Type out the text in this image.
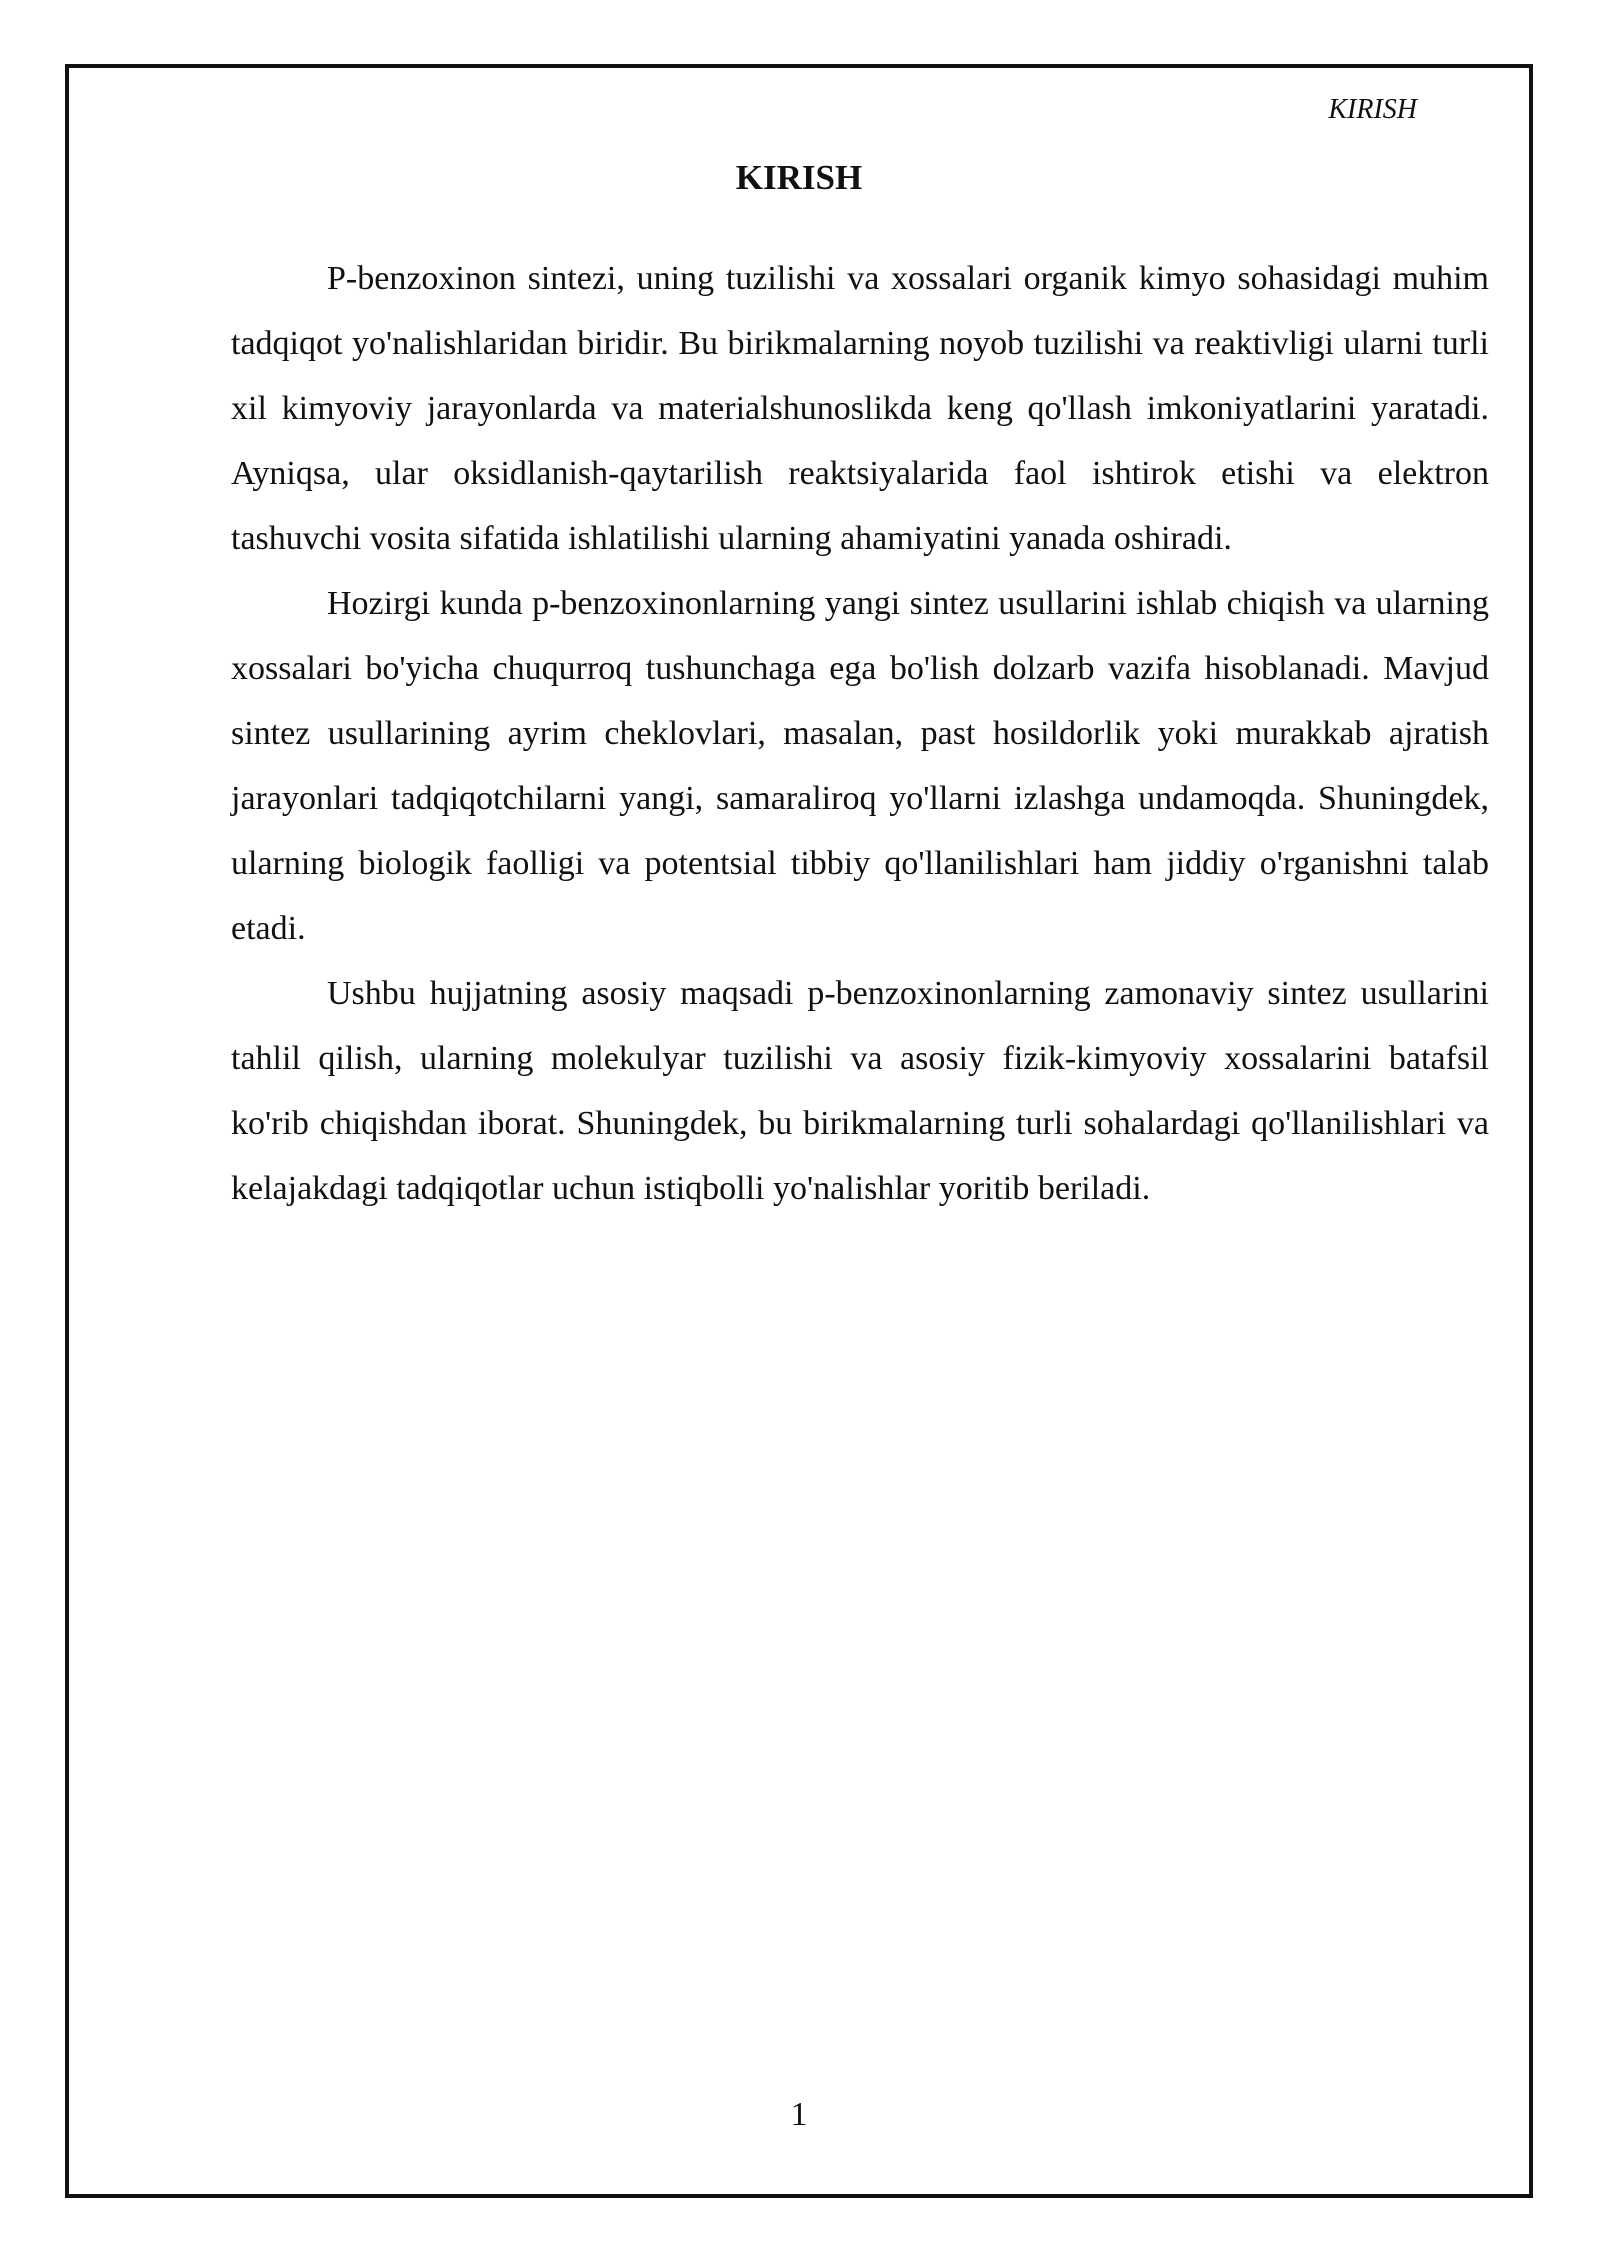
KIRISH
KIRISH

P-benzoxinon sintezi, uning tuzilishi va xossalari organik kimyo sohasidagi muhim tadqiqot yo'nalishlaridan biridir. Bu birikmalarning noyob tuzilishi va reaktivligi ularni turli xil kimyoviy jarayonlarda va materialshunoslikda keng qo'llash imkoniyatlarini yaratadi. Ayniqsa, ular oksidlanish-qaytarilish reaktsiyalarida faol ishtirok etishi va elektron tashuvchi vosita sifatida ishlatilishi ularning ahamiyatini yanada oshiradi.

Hozirgi kunda p-benzoxinonlarning yangi sintez usullarini ishlab chiqish va ularning xossalari bo'yicha chuqurroq tushunchaga ega bo'lish dolzarb vazifa hisoblanadi. Mavjud sintez usullarining ayrim cheklovlari, masalan, past hosildorlik yoki murakkab ajratish jarayonlari tadqiqotchilarni yangi, samaraliroq yo'llarni izlashga undamoqda. Shuningdek, ularning biologik faolligi va potentsial tibbiy qo'llanilishlari ham jiddiy o'rganishni talab etadi.

Ushbu hujjatning asosiy maqsadi p-benzoxinonlarning zamonaviy sintez usullarini tahlil qilish, ularning molekulyar tuzilishi va asosiy fizik-kimyoviy xossalarini batafsil ko'rib chiqishdan iborat. Shuningdek, bu birikmalarning turli sohalardagi qo'llanilishlari va kelajakdagi tadqiqotlar uchun istiqbolli yo'nalishlar yoritib beriladi.

1
